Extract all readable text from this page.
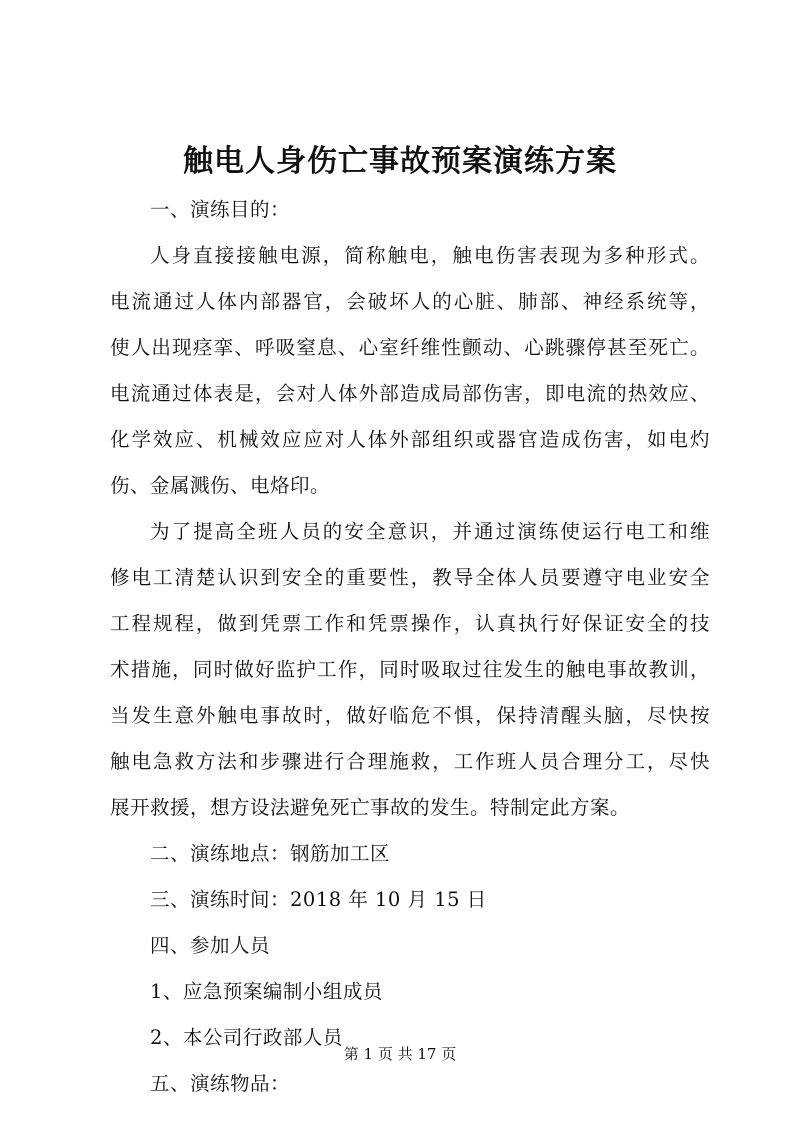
触电人身伤亡事故预案演练方案
一、演练目的：
人身直接接触电源，简称触电，触电伤害表现为多种形式。
电流通过人体内部器官，会破坏人的心脏、肺部、神经系统等，
使人出现痉挛、呼吸窒息、心室纤维性颤动、心跳骤停甚至死亡。
电流通过体表是，会对人体外部造成局部伤害，即电流的热效应、
化学效应、机械效应应对人体外部组织或器官造成伤害，如电灼
伤、金属溅伤、电烙印。
为了提高全班人员的安全意识，并通过演练使运行电工和维
修电工清楚认识到安全的重要性，教导全体人员要遵守电业安全
工程规程，做到凭票工作和凭票操作，认真执行好保证安全的技
术措施，同时做好监护工作，同时吸取过往发生的触电事故教训，
当发生意外触电事故时，做好临危不惧，保持清醒头脑，尽快按
触电急救方法和步骤进行合理施救，工作班人员合理分工，尽快
展开救援，想方设法避免死亡事故的发生。特制定此方案。
二、演练地点：钢筋加工区
三、演练时间：2018 年 10 月 15 日
四、参加人员
1、应急预案编制小组成员
2、本公司行政部人员
五、演练物品：
第 1 页 共 17 页
